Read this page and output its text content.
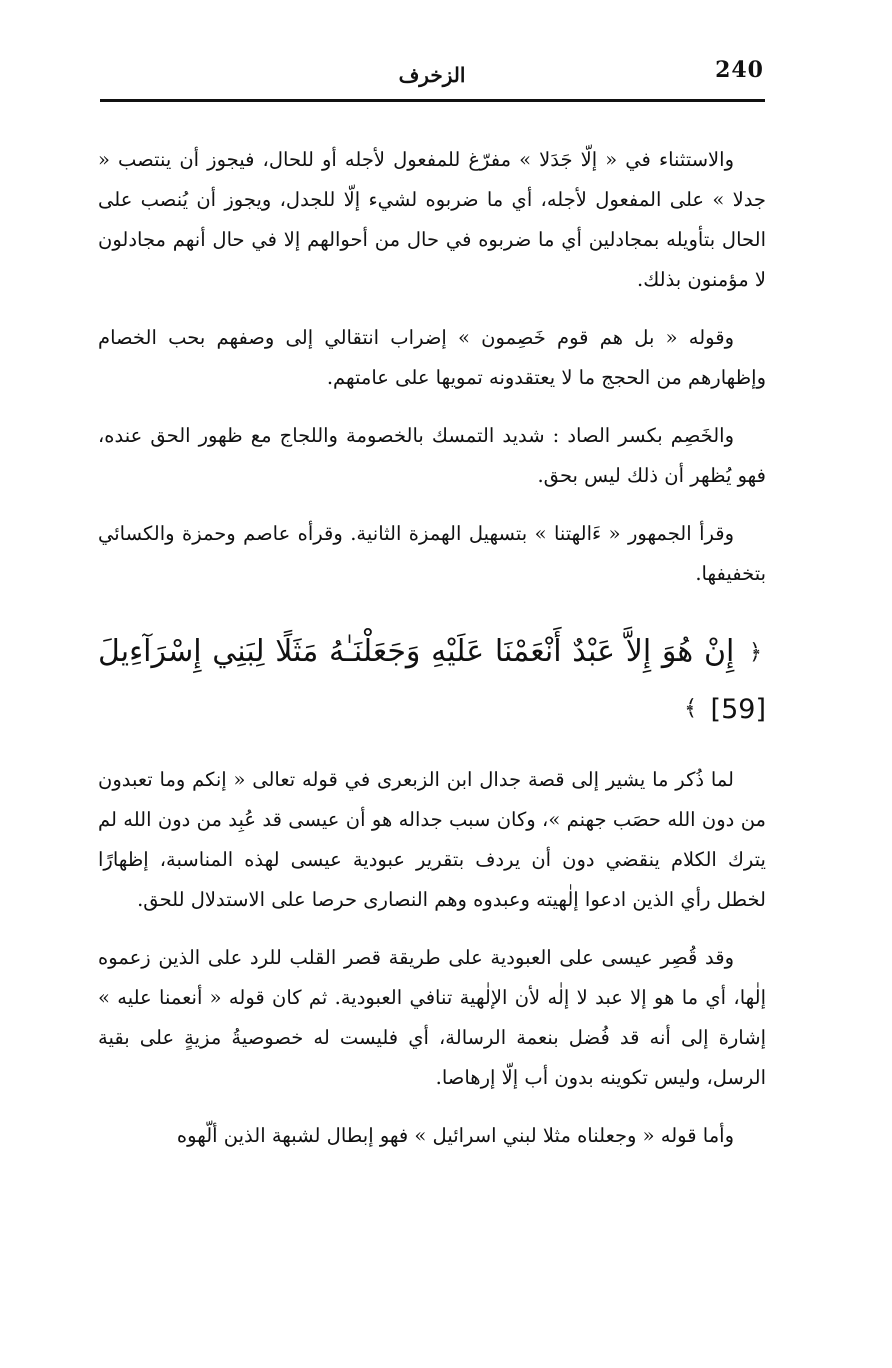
240
الزخرف

والاستثناء في « إلّا جَدَلا » مفرّغ للمفعول لأجله أو للحال، فيجوز أن ينتصب « جدلا » على المفعول لأجله، أي ما ضربوه لشيء إلّا للجدل، ويجوز أن يُنصب على الحال بتأويله بمجادلين أي ما ضربوه في حال من أحوالهم إلا في حال أنهم مجادلون لا مؤمنون بذلك.

وقوله « بل هم قوم خَصِمون » إضراب انتقالي إلى وصفهم بحب الخصام وإظهارهم من الحجج ما لا يعتقدونه تمويها على عامتهم.

والخَصِم بكسر الصاد : شديد التمسك بالخصومة واللجاج مع ظهور الحق عنده، فهو يُظهر أن ذلك ليس بحق.

وقرأ الجمهور « ءَالهتنا » بتسهيل الهمزة الثانية. وقرأه عاصم وحمزة والكسائي بتخفيفها.

﴿ إِنْ هُوَ إِلاَّ عَبْدٌ أَنْعَمْنَا عَلَيْهِ وَجَعَلْنَـٰهُ مَثَلًا لِبَنِي إِسْرَآءِيلَ [59] ﴾

لما ذُكر ما يشير إلى قصة جدال ابن الزبعرى في قوله تعالى « إنكم وما تعبدون من دون الله حصَب جهنم »، وكان سبب جداله هو أن عيسى قد عُبِد من دون الله لم يترك الكلام ينقضي دون أن يردف بتقرير عبودية عيسى لهذه المناسبة، إظهارًا لخطل رأي الذين ادعوا إلٰهيته وعبدوه وهم النصارى حرصا على الاستدلال للحق.

وقد قُصِر عيسى على العبودية على طريقة قصر القلب للرد على الذين زعموه إلٰها، أي ما هو إلا عبد لا إلٰه لأن الإلٰهية تنافي العبودية. ثم كان قوله « أنعمنا عليه » إشارة إلى أنه قد فُضل بنعمة الرسالة، أي فليست له خصوصيةُ مزيةٍ على بقية الرسل، وليس تكوينه بدون أب إلّا إرهاصا.

وأما قوله « وجعلناه مثلا لبني اسرائيل » فهو إبطال لشبهة الذين ألّهوه
